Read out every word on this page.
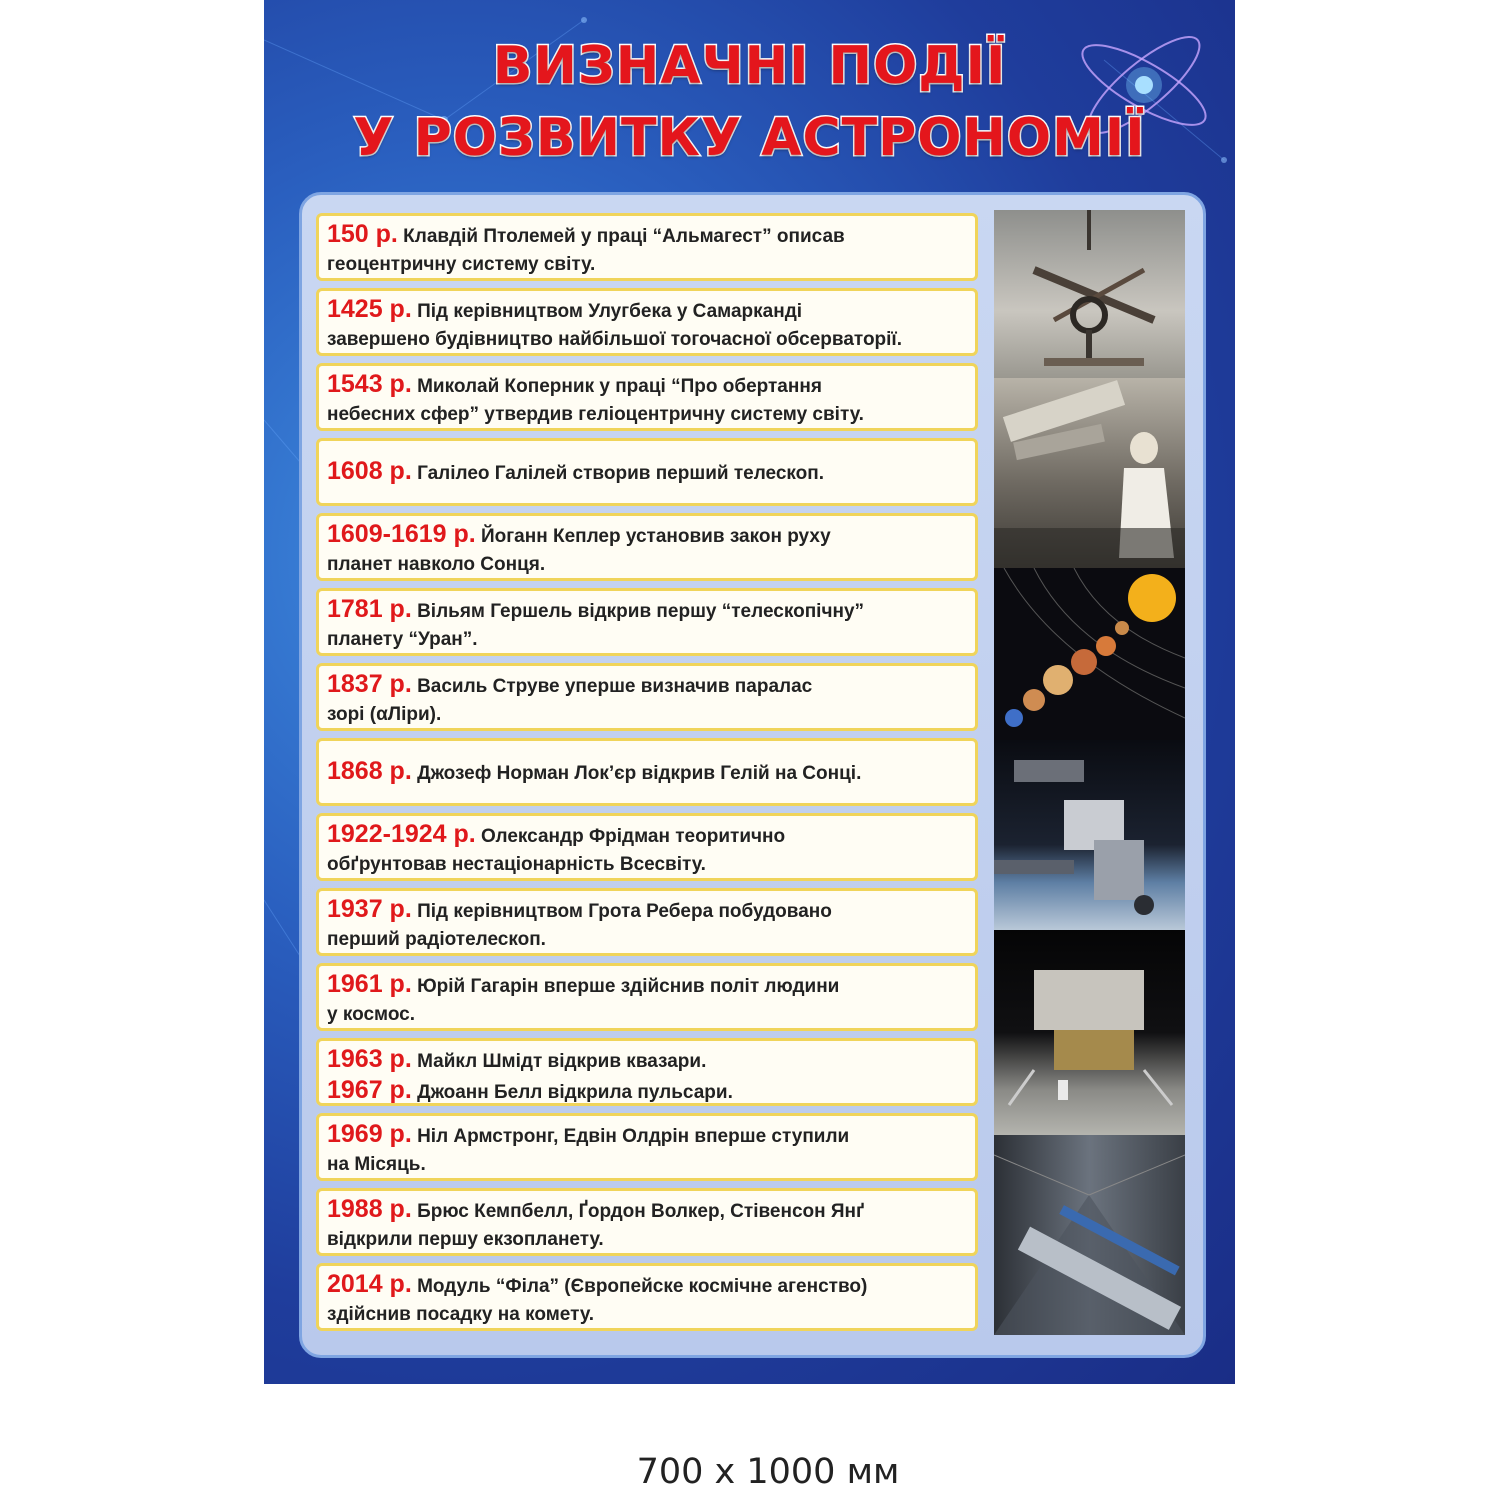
ВИЗНАЧНІ ПОДІЇ
У РОЗВИТКУ АСТРОНОМІЇ
150 р. Клавдій Птолемей у праці “Альмагест” описав
геоцентричну систему світу.
1425 р. Під керівництвом Улугбека у Самарканді
завершено будівництво найбільшої тогочасної обсерваторії.
1543 р. Миколай Коперник у праці “Про обертання
небесних сфер” утвердив геліоцентричну систему світу.
1608 р. Галілео Галілей створив перший телескоп.
1609-1619 р. Йоганн Кеплер установив закон руху
планет навколо Сонця.
1781 р. Вільям Гершель відкрив першу “телескопічну”
планету “Уран”.
1837 р. Василь Струве уперше визначив паралас
зорі (αЛіри).
1868 р. Джозеф Норман Лок’єр відкрив Гелій на Сонці.
1922-1924 р. Олександр Фрідман теоритично
обґрунтовав нестаціонарність Всесвіту.
1937 р. Під керівництвом Грота Ребера побудовано
перший радіотелескоп.
1961 р. Юрій Гагарін вперше здійснив політ людини
у космос.
1963 р. Майкл Шмідт відкрив квазари.
1967 р. Джоанн Белл відкрила пульсари.
1969 р. Ніл Армстронг, Едвін Олдрін вперше ступили
на Місяць.
1988 р. Брюс Кемпбелл, Ґордон Волкер, Стівенсон Янґ
відкрили першу екзопланету.
2014 р. Модуль “Філа” (Європейске космічне агенство)
здійснив посадку на комету.
700 х 1000 мм
